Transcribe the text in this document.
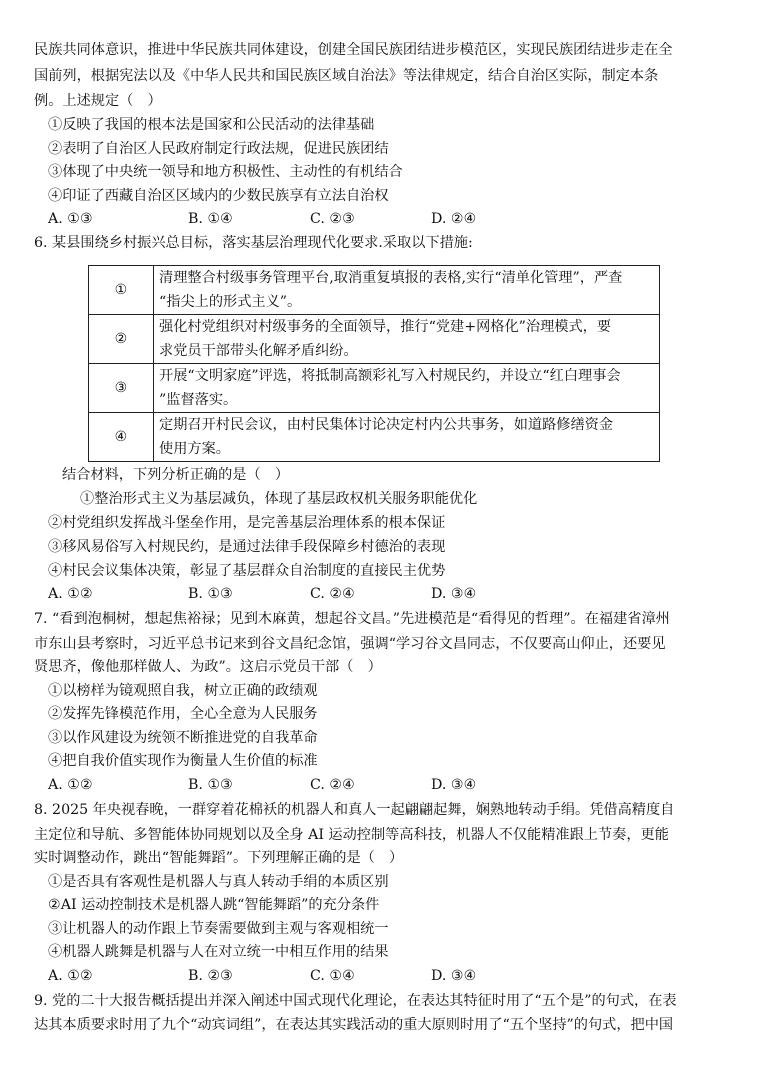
民族共同体意识，推进中华民族共同体建设，创建全国民族团结进步模范区，实现民族团结进步走在全
国前列，根据宪法以及《中华人民共和国民族区域自治法》等法律规定，结合自治区实际，制定本条
例。上述规定（　）
①反映了我国的根本法是国家和公民活动的法律基础
②表明了自治区人民政府制定行政法规，促进民族团结
③体现了中央统一领导和地方积极性、主动性的有机结合
④印证了西藏自治区区域内的少数民族享有立法自治权
A. ①③	B. ①④	C. ②③	D. ②④
6. 某县围绕乡村振兴总目标，落实基层治理现代化要求.采取以下措施:
①	清理整合村级事务管理平台,取消重复填报的表格,实行“清单化管理”，严查
“指尖上的形式主义”。

②	强化村党组织对村级事务的全面领导，推行“党建+网格化”治理模式，要
求党员干部带头化解矛盾纠纷。

③	开展“文明家庭”评选，将抵制高额彩礼写入村规民约，并设立“红白理事会
”监督落实。

④	定期召开村民会议，由村民集体讨论决定村内公共事务，如道路修缮资金
使用方案。
结合材料，下列分析正确的是（　）
①整治形式主义为基层减负，体现了基层政权机关服务职能优化
②村党组织发挥战斗堡垒作用，是完善基层治理体系的根本保证
③移风易俗写入村规民约，是通过法律手段保障乡村德治的表现
④村民会议集体决策，彰显了基层群众自治制度的直接民主优势
A. ①②	B. ①③	C. ②④	D. ③④
7. “看到泡桐树，想起焦裕禄；见到木麻黄，想起谷文昌。”先进模范是“看得见的哲理”。在福建省漳州
市东山县考察时，习近平总书记来到谷文昌纪念馆，强调“学习谷文昌同志，不仅要高山仰止，还要见
贤思齐，像他那样做人、为政”。这启示党员干部（　）
①以榜样为镜观照自我，树立正确的政绩观
②发挥先锋模范作用，全心全意为人民服务
③以作风建设为统领不断推进党的自我革命
④把自我价值实现作为衡量人生价值的标准
A. ①②	B. ①③	C. ②④	D. ③④
8. 2025 年央视春晚，一群穿着花棉袄的机器人和真人一起翩翩起舞，娴熟地转动手绢。凭借高精度自
主定位和导航、多智能体协同规划以及全身 AI 运动控制等高科技，机器人不仅能精准跟上节奏，更能
实时调整动作，跳出“智能舞蹈”。下列理解正确的是（　）
①是否具有客观性是机器人与真人转动手绢的本质区别
②AI 运动控制技术是机器人跳“智能舞蹈”的充分条件
③让机器人的动作跟上节奏需要做到主观与客观相统一
④机器人跳舞是机器与人在对立统一中相互作用的结果
A. ①②	B. ②③	C. ①④	D. ③④
9. 党的二十大报告概括提出并深入阐述中国式现代化理论，在表达其特征时用了“五个是”的句式，在表
达其本质要求时用了九个“动宾词组”，在表达其实践活动的重大原则时用了“五个坚持”的句式，把中国
